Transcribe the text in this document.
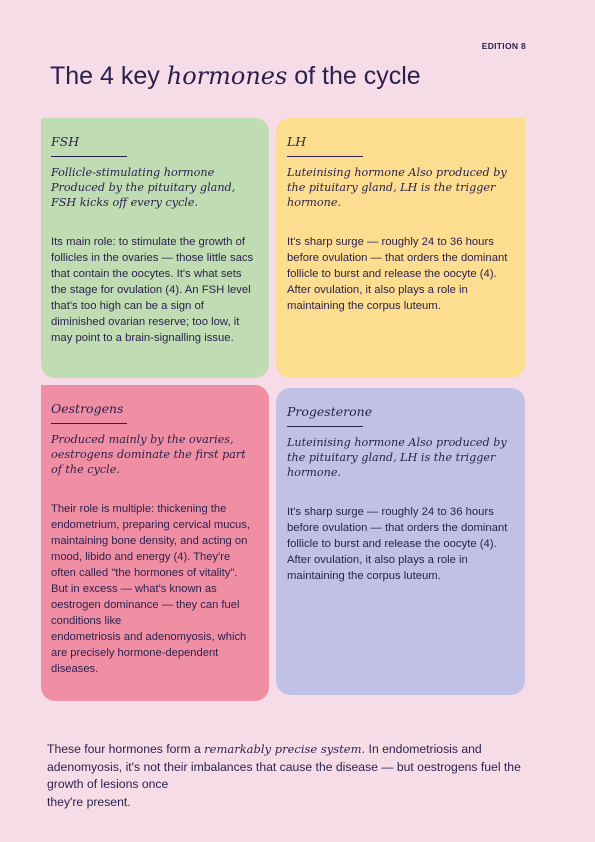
EDITION 8
The 4 key hormones of the cycle

FSH

Follicle-stimulating hormone Produced by the pituitary gland, FSH kicks off every cycle.

Its main role: to stimulate the growth of follicles in the ovaries — those little sacs that contain the oocytes. It's what sets the stage for ovulation (4). An FSH level that's too high can be a sign of diminished ovarian reserve; too low, it may point to a brain-signalling issue.

LH

Luteinising hormone Also produced by the pituitary gland, LH is the trigger hormone.

It's sharp surge — roughly 24 to 36 hours before ovulation — that orders the dominant follicle to burst and release the oocyte (4). After ovulation, it also plays a role in maintaining the corpus luteum.

Oestrogens

Produced mainly by the ovaries, oestrogens dominate the first part of the cycle.

Their role is multiple: thickening the endometrium, preparing cervical mucus, maintaining bone density, and acting on mood, libido and energy (4). They're often called "the hormones of vitality".
But in excess — what's known as oestrogen dominance — they can fuel conditions like
endometriosis and adenomyosis, which are precisely hormone-dependent diseases.

Progesterone

Luteinising hormone Also produced by the pituitary gland, LH is the trigger hormone.

It's sharp surge — roughly 24 to 36 hours before ovulation — that orders the dominant follicle to burst and release the oocyte (4). After ovulation, it also plays a role in maintaining the corpus luteum.

These four hormones form a remarkably precise system. In endometriosis and adenomyosis, it's not their imbalances that cause the disease — but oestrogens fuel the growth of lesions once
they're present.
